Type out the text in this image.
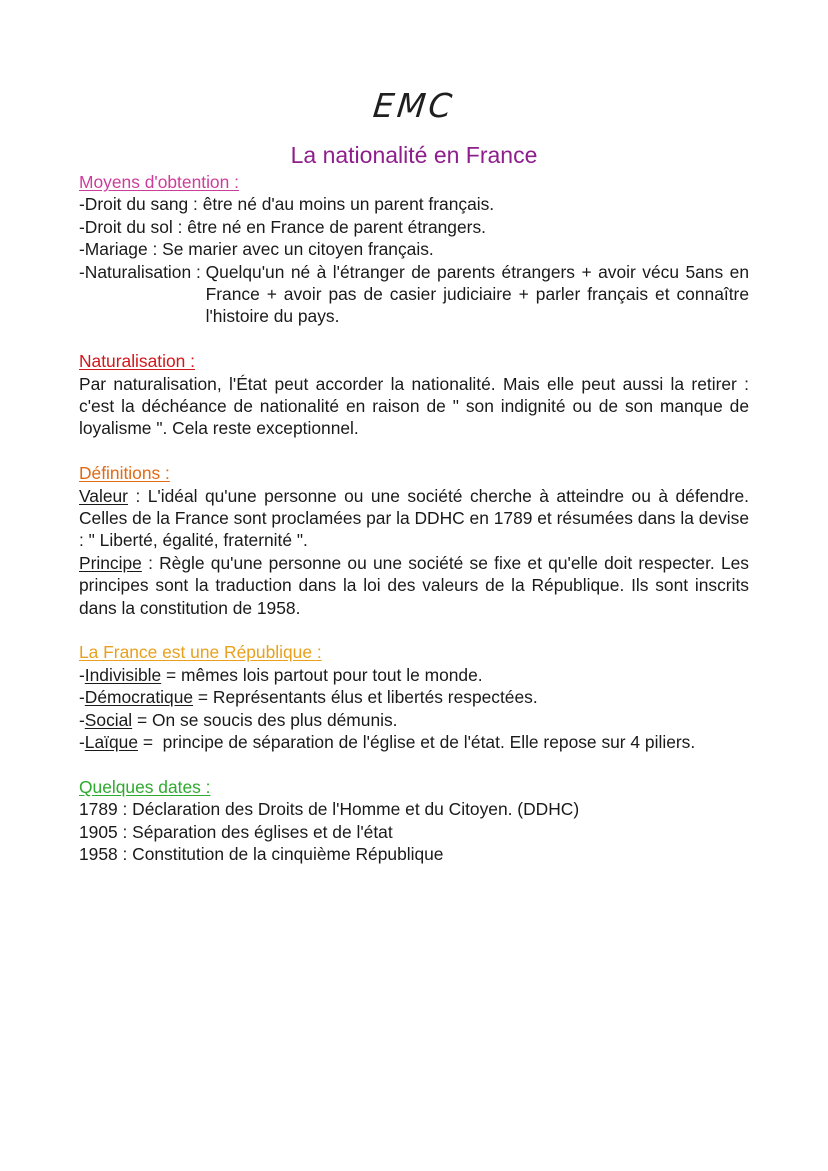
EMC
La nationalité en France
Moyens d'obtention :
-Droit du sang : être né d'au moins un parent français.
-Droit du sol : être né en France de parent étrangers.
-Mariage : Se marier avec un citoyen français.
-Naturalisation : Quelqu'un né à l'étranger de parents étrangers + avoir vécu 5ans en France + avoir pas de casier judiciaire + parler français et connaître l'histoire du pays.
Naturalisation :
Par naturalisation, l'État peut accorder la nationalité. Mais elle peut aussi la retirer : c'est la déchéance de nationalité en raison de " son indignité ou de son manque de loyalisme ". Cela reste exceptionnel.
Définitions :
Valeur : L'idéal qu'une personne ou une société cherche à atteindre ou à défendre. Celles de la France sont proclamées par la DDHC en 1789 et résumées dans la devise : " Liberté, égalité, fraternité ".
Principe : Règle qu'une personne ou une société se fixe et qu'elle doit respecter. Les principes sont la traduction dans la loi des valeurs de la République. Ils sont inscrits dans la constitution de 1958.
La France est une République :
-Indivisible = mêmes lois partout pour tout le monde.
-Démocratique = Représentants élus et libertés respectées.
-Social = On se soucis des plus démunis.
-Laïque = principe de séparation de l'église et de l'état. Elle repose sur 4 piliers.
Quelques dates :
1789 : Déclaration des Droits de l'Homme et du Citoyen. (DDHC)
1905 : Séparation des églises et de l'état
1958 : Constitution de la cinquième République
